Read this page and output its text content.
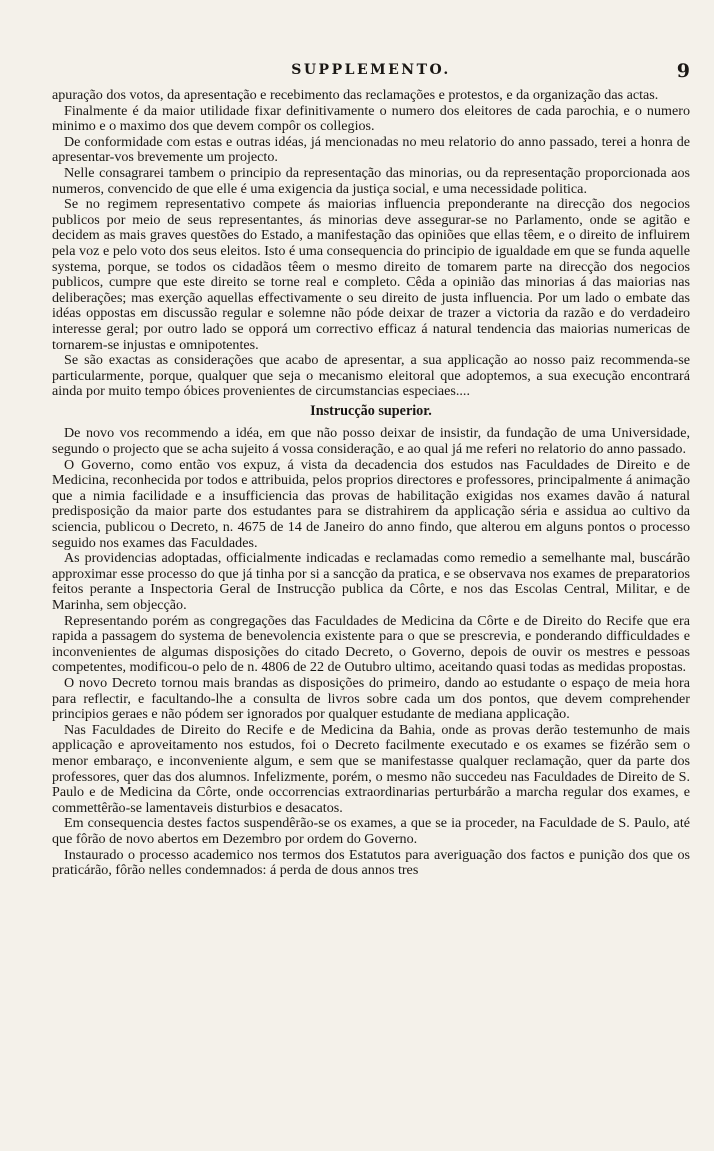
SUPPLEMENTO.	9

apuração dos votos, da apresentação e recebimento das reclamações e protestos, e da organização das actas.

Finalmente é da maior utilidade fixar definitivamente o numero dos eleitores de cada parochia, e o numero minimo e o maximo dos que devem compôr os collegios.

De conformidade com estas e outras idéas, já mencionadas no meu relatorio do anno passado, terei a honra de apresentar-vos brevemente um projecto.

Nelle consagrarei tambem o principio da representação das minorias, ou da representação proporcionada aos numeros, convencido de que elle é uma exigencia da justiça social, e uma necessidade politica.

Se no regimem representativo compete ás maiorias influencia preponderante na direcção dos negocios publicos por meio de seus representantes, ás minorias deve assegurar-se no Parlamento, onde se agitão e decidem as mais graves questões do Estado, a manifestação das opiniões que ellas têem, e o direito de influirem pela voz e pelo voto dos seus eleitos. Isto é uma consequencia do principio de igualdade em que se funda aquelle systema, porque, se todos os cidadãos têem o mesmo direito de tomarem parte na direcção dos negocios publicos, cumpre que este direito se torne real e completo. Cêda a opinião das minorias á das maiorias nas deliberações; mas exerção aquellas effectivamente o seu direito de justa influencia. Por um lado o embate das idéas oppostas em discussão regular e solemne não póde deixar de trazer a victoria da razão e do verdadeiro interesse geral; por outro lado se opporá um correctivo efficaz á natural tendencia das maiorias numericas de tornarem-se injustas e omnipotentes.

Se são exactas as considerações que acabo de apresentar, a sua applicação ao nosso paiz recommenda-se particularmente, porque, qualquer que seja o mecanismo eleitoral que adoptemos, a sua execução encontrará ainda por muito tempo óbices provenientes de circumstancias especiaes....

Instrucção superior.

De novo vos recommendo a idéa, em que não posso deixar de insistir, da fundação de uma Universidade, segundo o projecto que se acha sujeito á vossa consideração, e ao qual já me referi no relatorio do anno passado.

O Governo, como então vos expuz, á vista da decadencia dos estudos nas Faculdades de Direito e de Medicina, reconhecida por todos e attribuida, pelos proprios directores e professores, principalmente á animação que a nimia facilidade e a insufficiencia das provas de habilitação exigidas nos exames davão á natural predisposição da maior parte dos estudantes para se distrahirem da applicação séria e assidua ao cultivo da sciencia, publicou o Decreto, n. 4675 de 14 de Janeiro do anno findo, que alterou em alguns pontos o processo seguido nos exames das Faculdades.

As providencias adoptadas, officialmente indicadas e reclamadas como remedio a semelhante mal, buscárão approximar esse processo do que já tinha por si a sancção da pratica, e se observava nos exames de preparatorios feitos perante a Inspectoria Geral de Instrucção publica da Côrte, e nos das Escolas Central, Militar, e de Marinha, sem objecção.

Representando porém as congregações das Faculdades de Medicina da Côrte e de Direito do Recife que era rapida a passagem do systema de benevolencia existente para o que se prescrevia, e ponderando difficuldades e inconvenientes de algumas disposições do citado Decreto, o Governo, depois de ouvir os mestres e pessoas competentes, modificou-o pelo de n. 4806 de 22 de Outubro ultimo, aceitando quasi todas as medidas propostas.

O novo Decreto tornou mais brandas as disposições do primeiro, dando ao estudante o espaço de meia hora para reflectir, e facultando-lhe a consulta de livros sobre cada um dos pontos, que devem comprehender principios geraes e não pódem ser ignorados por qualquer estudante de mediana applicação.

Nas Faculdades de Direito do Recife e de Medicina da Bahia, onde as provas derão testemunho de mais applicação e aproveitamento nos estudos, foi o Decreto facilmente executado e os exames se fizérão sem o menor embaraço, e inconveniente algum, e sem que se manifestasse qualquer reclamação, quer da parte dos professores, quer das dos alumnos. Infelizmente, porém, o mesmo não succedeu nas Faculdades de Direito de S. Paulo e de Medicina da Côrte, onde occorrencias extraordinarias perturbárão a marcha regular dos exames, e commettêrão-se lamentaveis disturbios e desacatos.

Em consequencia destes factos suspendêrão-se os exames, a que se ia proceder, na Faculdade de S. Paulo, até que fôrão de novo abertos em Dezembro por ordem do Governo.

Instaurado o processo academico nos termos dos Estatutos para averiguação dos factos e punição dos que os praticárão, fôrão nelles condemnados: á perda de dous annos tres
